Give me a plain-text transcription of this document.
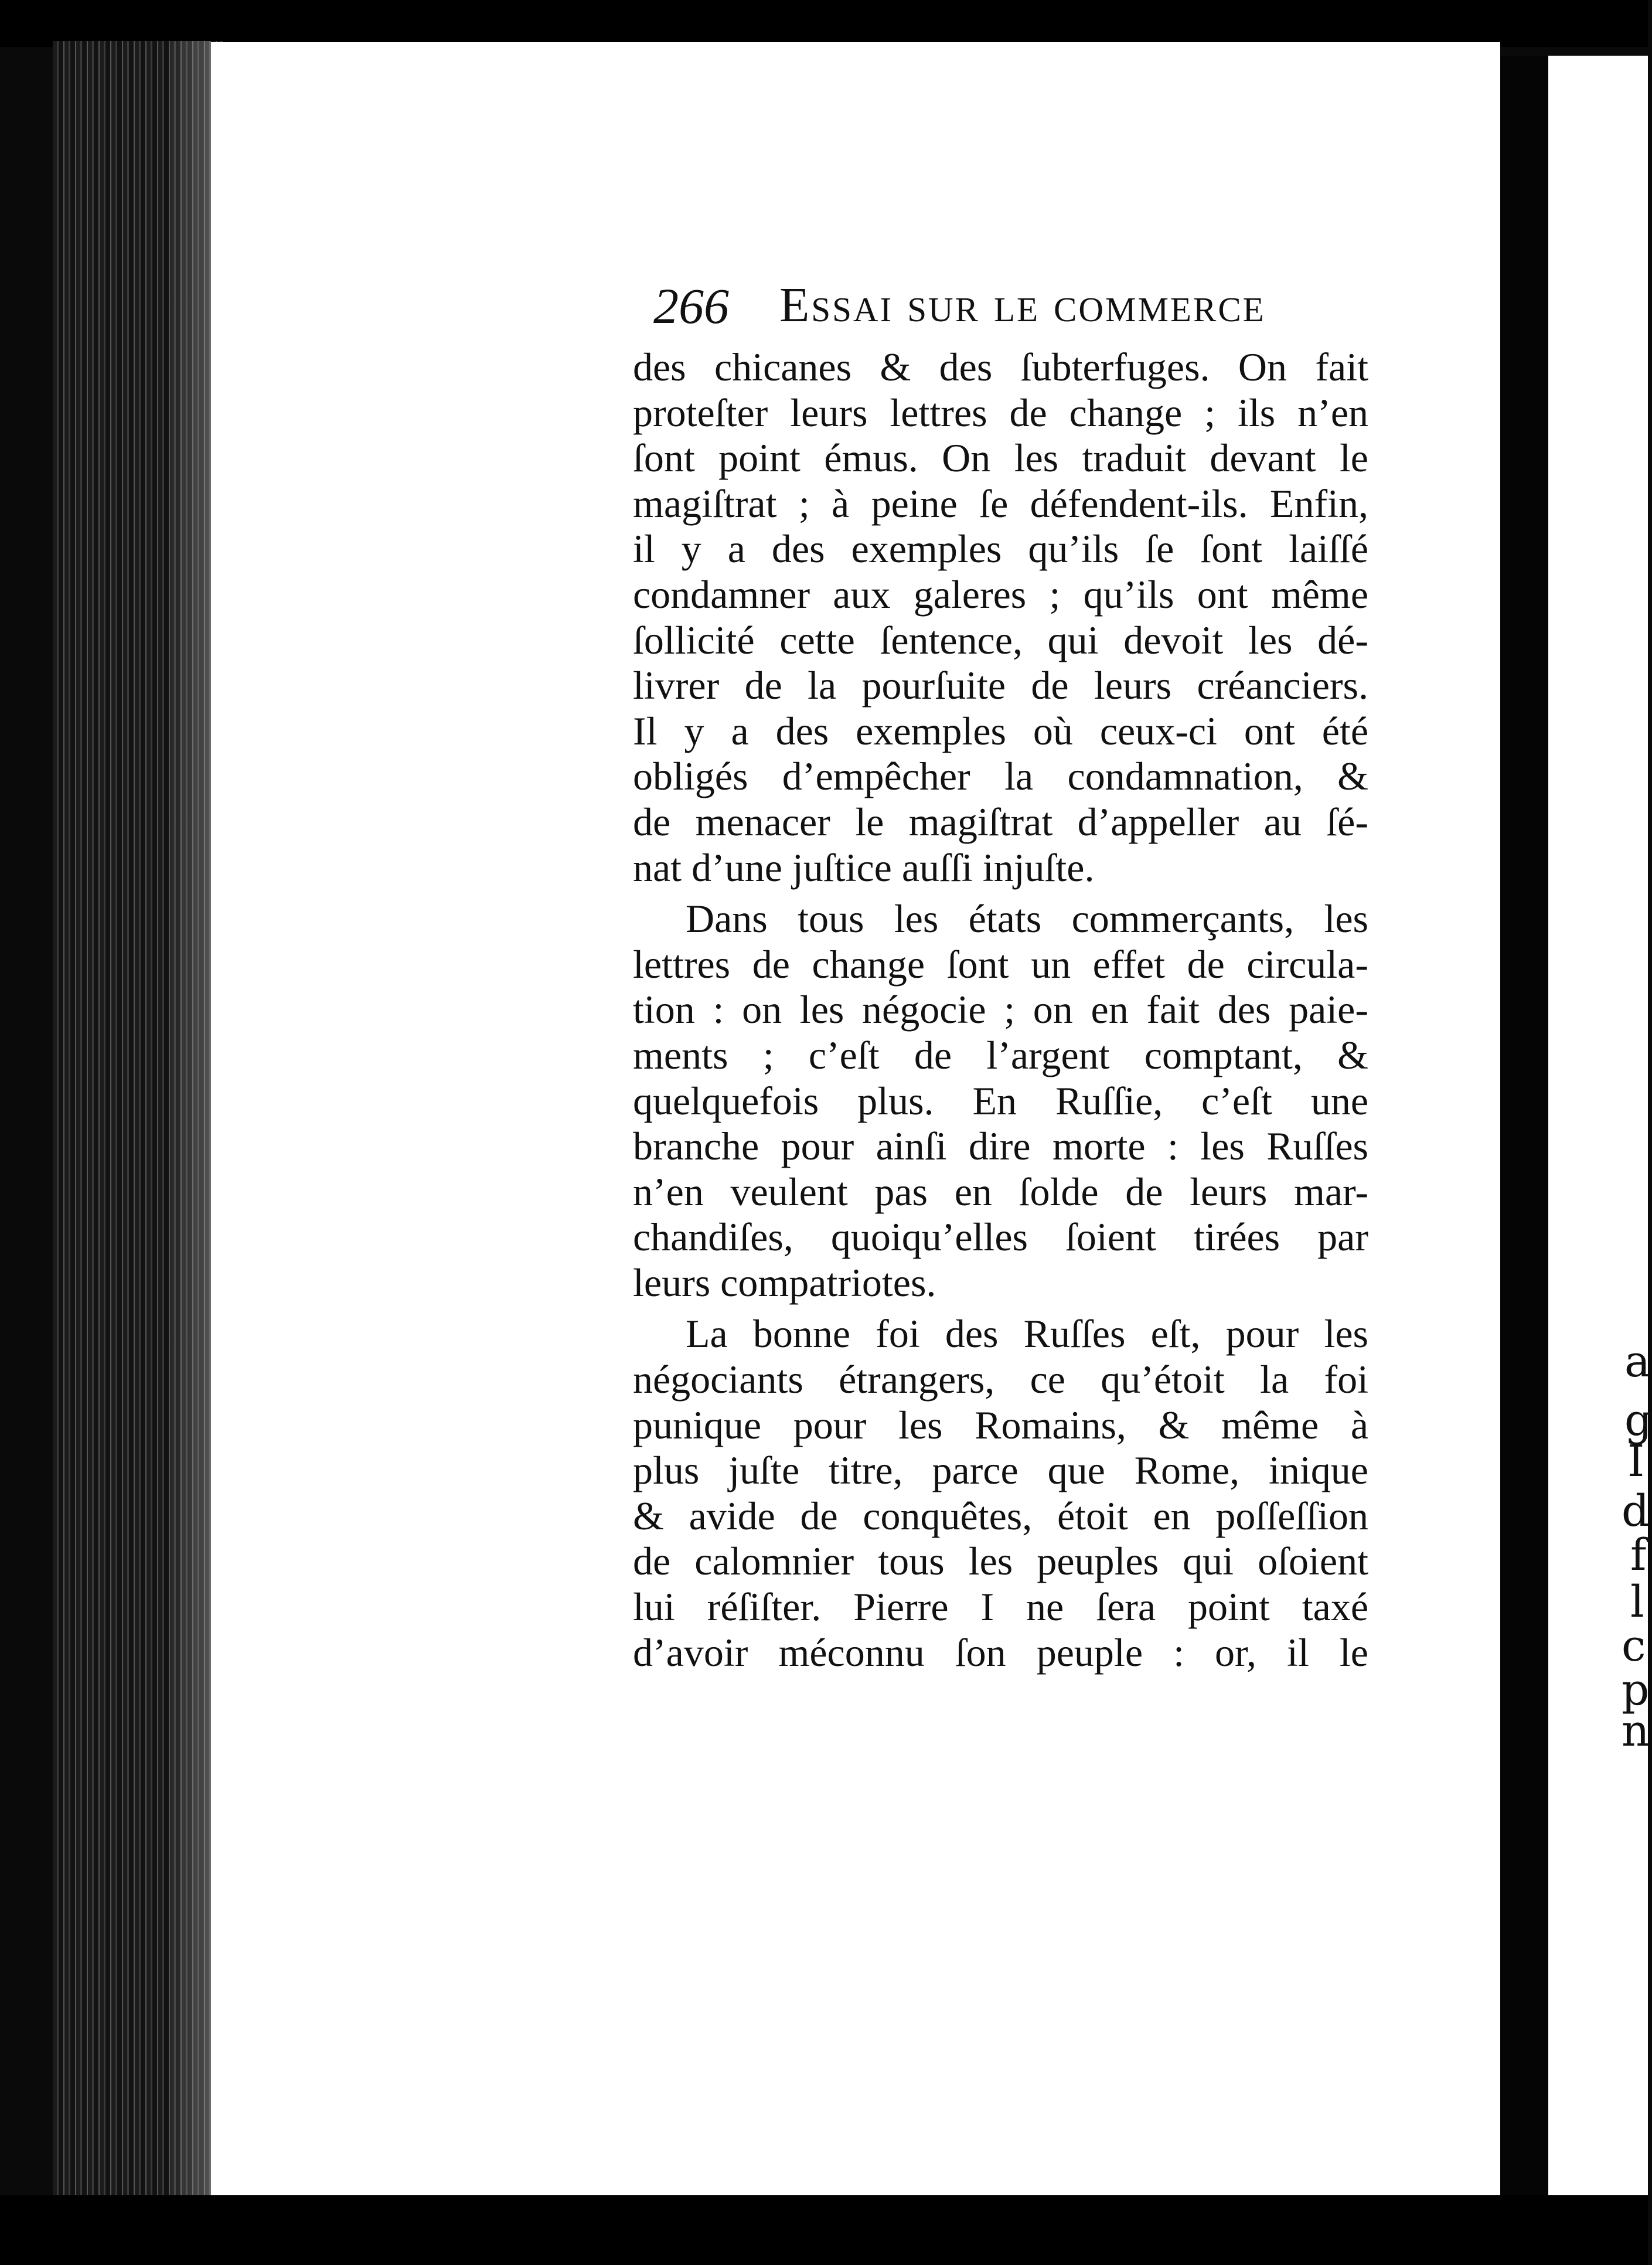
266 Essai sur le commerce
des chicanes & des ſubterfuges. On fait
proteſter leurs lettres de change ; ils n’en
ſont point émus. On les traduit devant le
magiſtrat ; à peine ſe défendent-ils. Enfin,
il y a des exemples qu’ils ſe ſont laiſſé
condamner aux galeres ; qu’ils ont même
ſollicité cette ſentence, qui devoit les dé-
livrer de la pourſuite de leurs créanciers.
Il y a des exemples où ceux-ci ont été
obligés d’empêcher la condamnation, &
de menacer le magiſtrat d’appeller au ſé-
nat d’une juſtice auſſi injuſte.
Dans tous les états commerçants, les
lettres de change ſont un effet de circula-
tion : on les négocie ; on en fait des paie-
ments ; c’eſt de l’argent comptant, &
quelquefois plus. En Ruſſie, c’eſt une
branche pour ainſi dire morte : les Ruſſes
n’en veulent pas en ſolde de leurs mar-
chandiſes, quoiqu’elles ſoient tirées par
leurs compatriotes.
La bonne foi des Ruſſes eſt, pour les
négociants étrangers, ce qu’étoit la foi
punique pour les Romains, & même à
plus juſte titre, parce que Rome, inique
& avide de conquêtes, étoit en poſſeſſion
de calomnier tous les peuples qui oſoient
lui réſiſter. Pierre I ne ſera point taxé
d’avoir méconnu ſon peuple : or, il le
a
g
I
d
f
l
c
p
n
